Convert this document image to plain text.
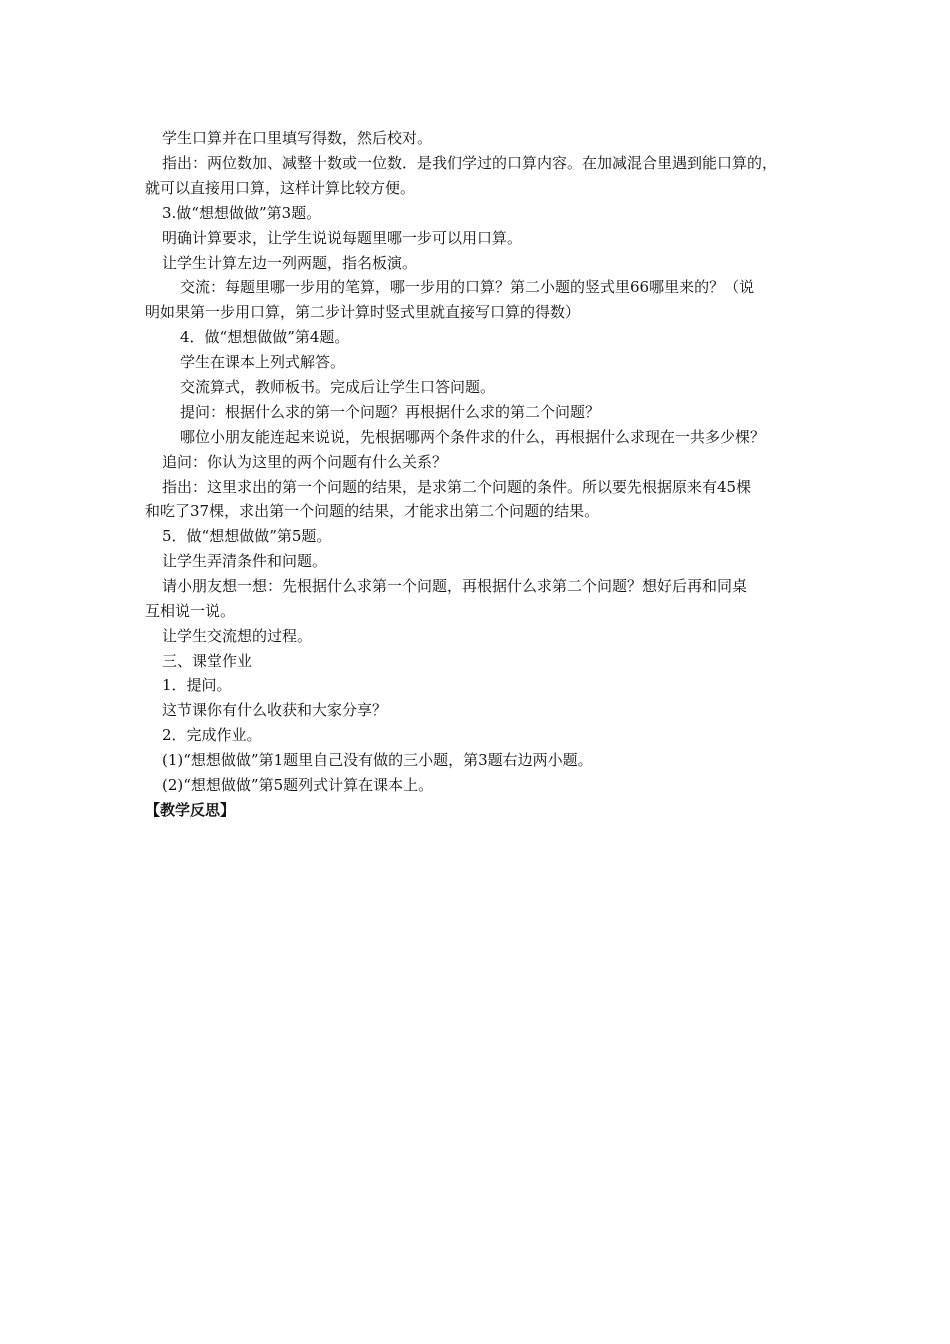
学生口算并在口里填写得数，然后校对。
指出：两位数加、减整十数或一位数．是我们学过的口算内容。在加减混合里遇到能口算的，
就可以直接用口算，这样计算比较方便。
3.做“想想做做”第3题。
明确计算要求，让学生说说每题里哪一步可以用口算。
让学生计算左边一列两题，指名板演。
交流：每题里哪一步用的笔算，哪一步用的口算？第二小题的竖式里66哪里来的？（说
明如果第一步用口算，第二步计算时竖式里就直接写口算的得数）
4．做“想想做做”第4题。
学生在课本上列式解答。
交流算式，教师板书。完成后让学生口答问题。
提问：根据什么求的第一个问题？再根据什么求的第二个问题？
哪位小朋友能连起来说说，先根据哪两个条件求的什么，再根据什么求现在一共多少棵？
追问：你认为这里的两个问题有什么关系？
指出：这里求出的第一个问题的结果，是求第二个问题的条件。所以要先根据原来有45棵
和吃了37棵，求出第一个问题的结果，才能求出第二个问题的结果。
5．做“想想做做”第5题。
让学生弄清条件和问题。
请小朋友想一想：先根据什么求第一个问题，再根据什么求第二个问题？想好后再和同桌
互相说一说。
让学生交流想的过程。
三、课堂作业
1．提问。
这节课你有什么收获和大家分享？
2．完成作业。
(1)“想想做做”第1题里自己没有做的三小题，第3题右边两小题。
(2)“想想做做”第5题列式计算在课本上。
【教学反思】
